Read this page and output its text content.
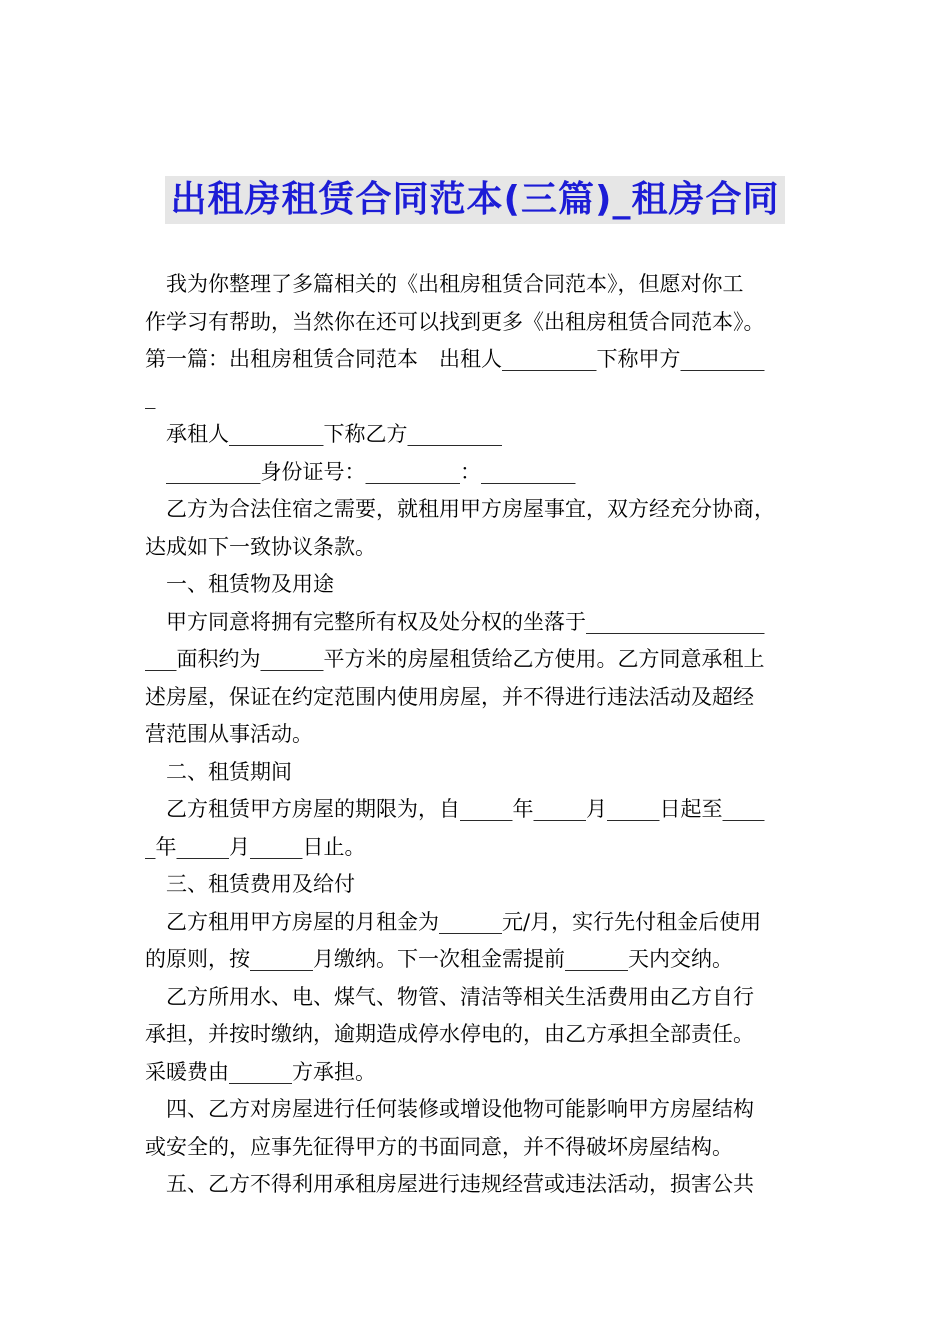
出租房租赁合同范本(三篇)_租房合同
我为你整理了多篇相关的《出租房租赁合同范本》，但愿对你工
作学习有帮助，当然你在还可以找到更多《出租房租赁合同范本》。
第一篇：出租房租赁合同范本　出租人_________下称甲方________
_
承租人_________下称乙方_________
_________身份证号：_________：_________
乙方为合法住宿之需要，就租用甲方房屋事宜，双方经充分协商，
达成如下一致协议条款。
一、租赁物及用途
甲方同意将拥有完整所有权及处分权的坐落于_________________
___面积约为______平方米的房屋租赁给乙方使用。乙方同意承租上
述房屋，保证在约定范围内使用房屋，并不得进行违法活动及超经
营范围从事活动。
二、租赁期间
乙方租赁甲方房屋的期限为，自_____年_____月_____日起至____
_年_____月_____日止。
三、租赁费用及给付
乙方租用甲方房屋的月租金为______元/月，实行先付租金后使用
的原则，按______月缴纳。下一次租金需提前______天内交纳。
乙方所用水、电、煤气、物管、清洁等相关生活费用由乙方自行
承担，并按时缴纳，逾期造成停水停电的，由乙方承担全部责任。
采暖费由______方承担。
四、乙方对房屋进行任何装修或增设他物可能影响甲方房屋结构
或安全的，应事先征得甲方的书面同意，并不得破坏房屋结构。
五、乙方不得利用承租房屋进行违规经营或违法活动，损害公共
